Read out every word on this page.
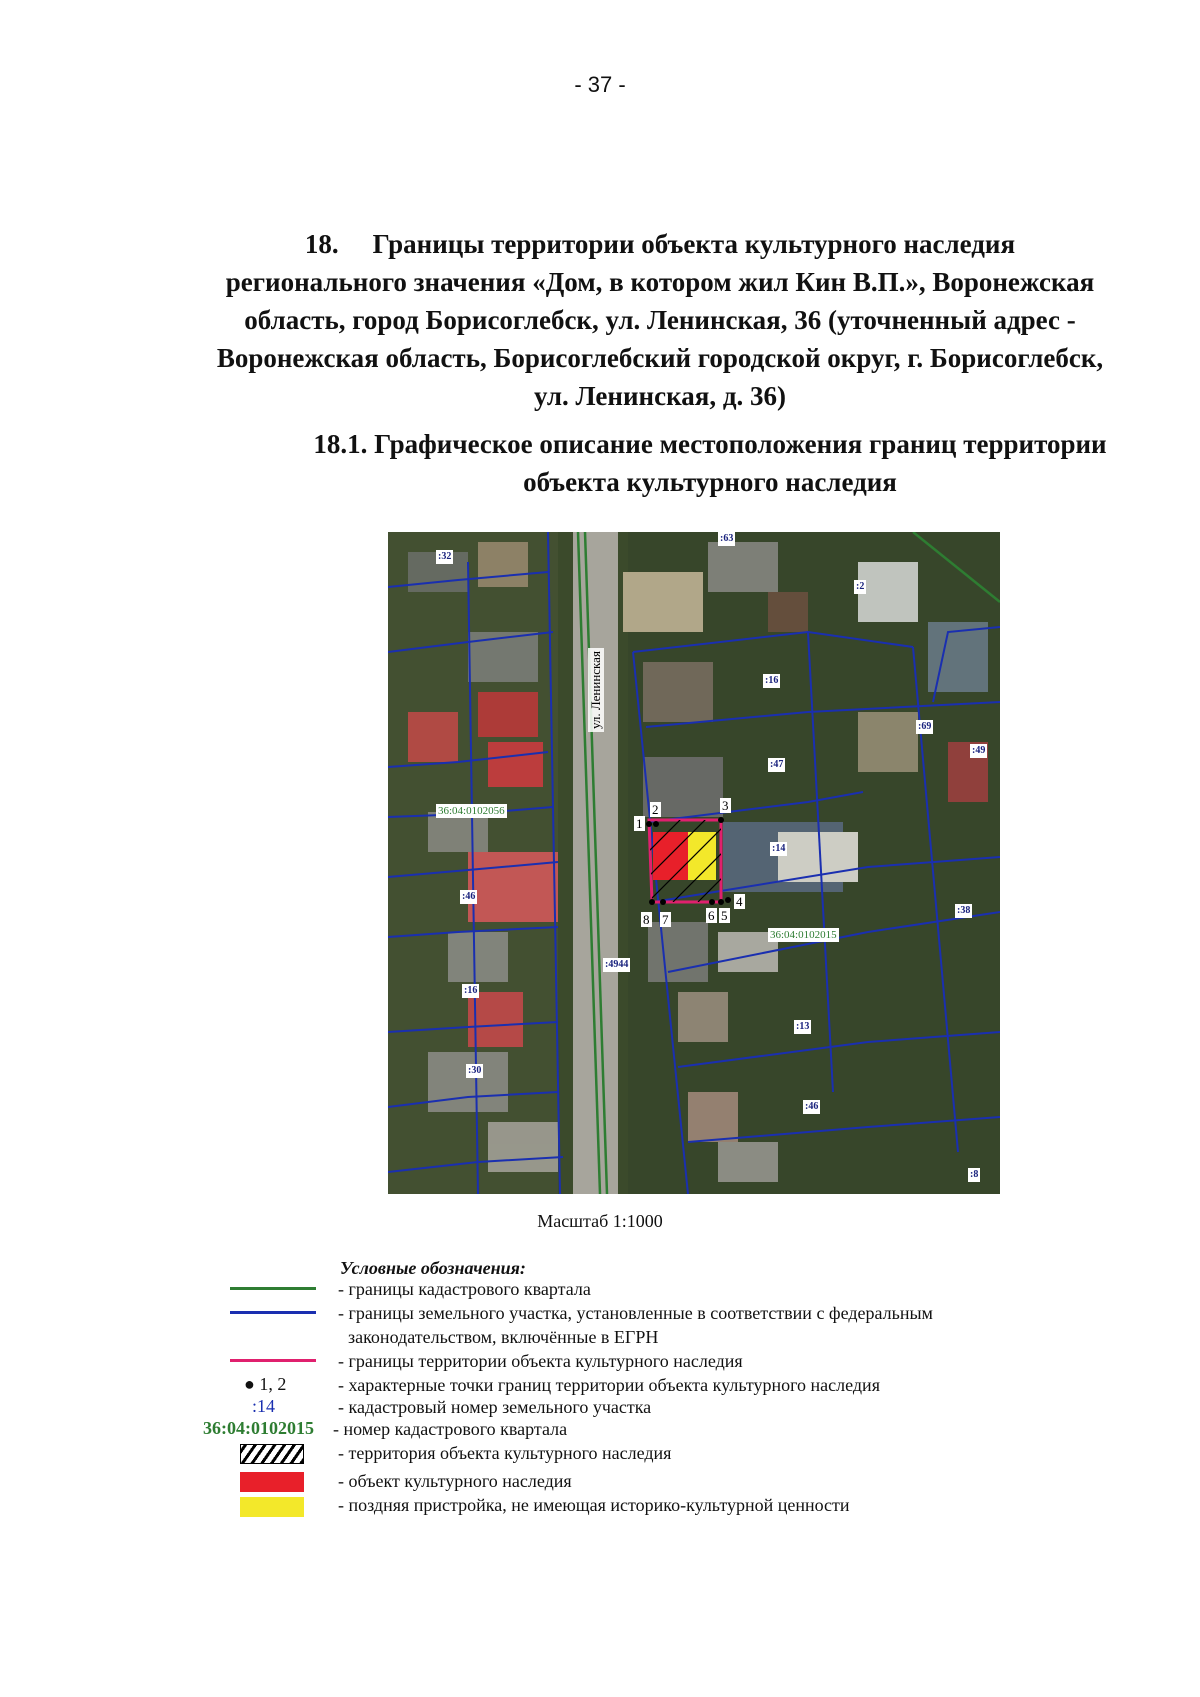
- 37 -
18. Границы территории объекта культурного наследия
регионального значения «Дом, в котором жил Кин В.П.», Воронежская
область, город Борисоглебск, ул. Ленинская, 36 (уточненный адрес -
Воронежская область, Борисоглебский городской округ, г. Борисоглебск,
ул. Ленинская, д. 36)
18.1. Графическое описание местоположения границ территории
объекта культурного наследия
:32
:63
:2
:16
:69
:47
:49
:14
:46
:38
:4944
:16
:13
:30
:46
:8
36:04:0102056
36:04:0102015
1
2	3
4
5
6
7
8
ул. Ленинская
Масштаб 1:1000
Условные обозначения:
- границы кадастрового квартала
- границы земельного участка, установленные в соответствии с федеральным
законодательством, включённые в ЕГРН
- границы территории объекта культурного наследия
● 1, 2	- характерные точки границ территории объекта культурного наследия
:14	- кадастровый номер земельного участка
36:04:0102015 - номер кадастрового квартала
- территория объекта культурного наследия
- объект культурного наследия
- поздняя пристройка, не имеющая историко-культурной ценности
